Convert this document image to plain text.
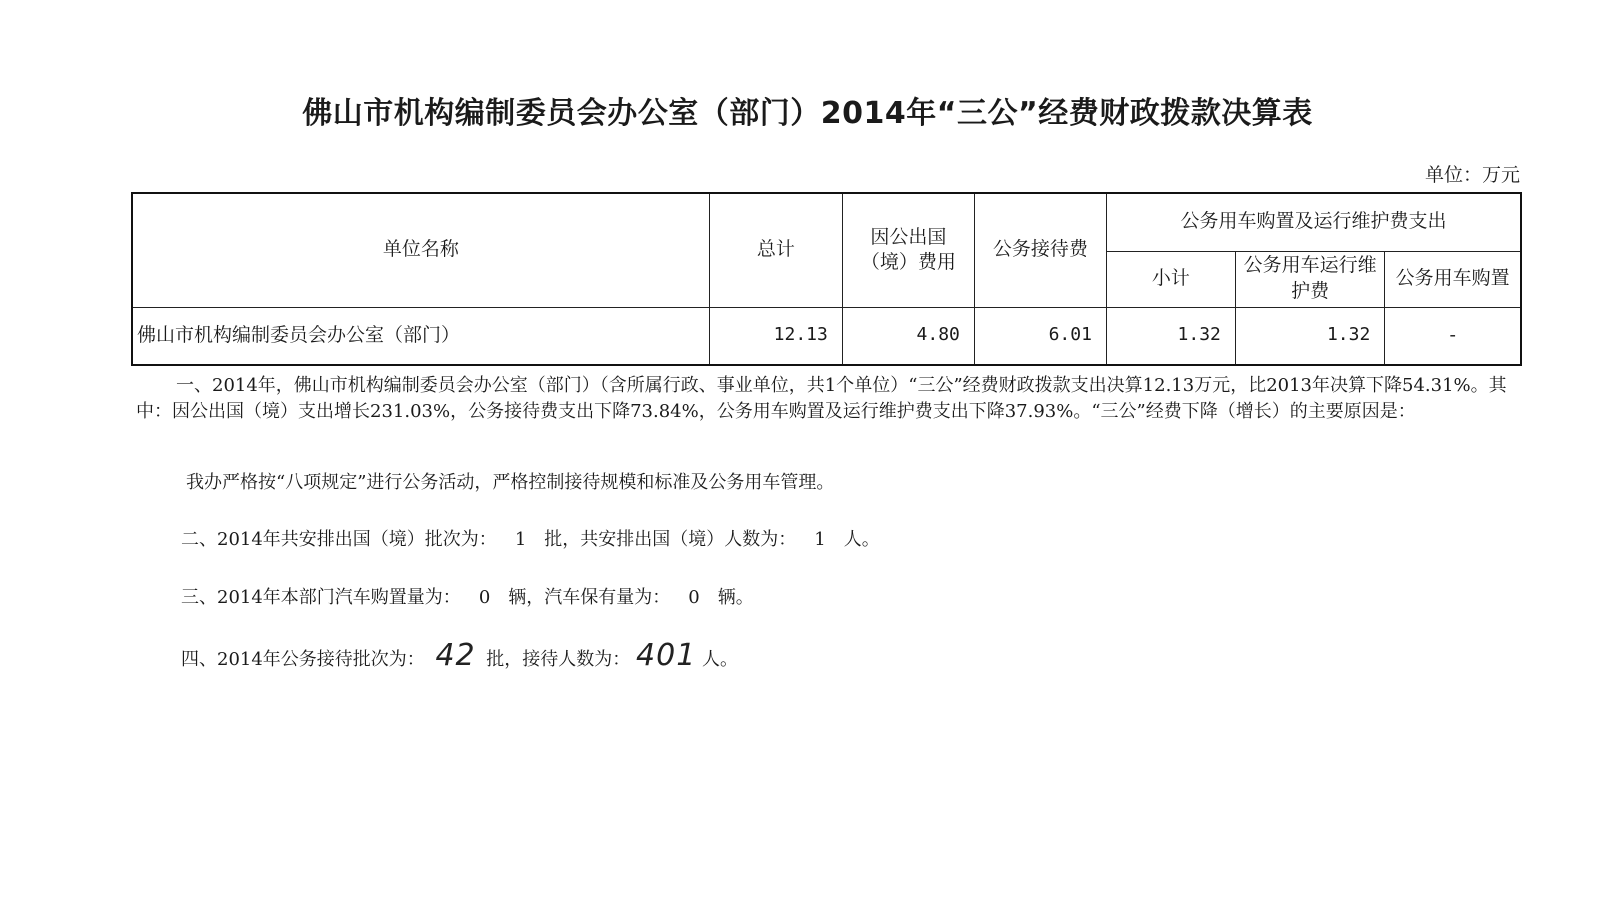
佛山市机构编制委员会办公室（部门）2014年“三公”经费财政拨款决算表
单位：万元
单位名称	总计	因公出国（境）费用	公务接待费	公务用车购置及运行维护费支出		
				小计	公务用车运行维护费	公务用车购置
佛山市机构编制委员会办公室（部门）	12.13	4.80	6.01	1.32	1.32	-
一、2014年，佛山市机构编制委员会办公室（部门）（含所属行政、事业单位，共1个单位）“三公”经费财政拨款支出决算12.13万元，比2013年决算下降54.31%。其中：因公出国（境）支出增长231.03%，公务接待费支出下降73.84%，公务用车购置及运行维护费支出下降37.93%。“三公”经费下降（增长）的主要原因是：
我办严格按“八项规定”进行公务活动，严格控制接待规模和标准及公务用车管理。
二、2014年共安排出国（境）批次为： 1 批，共安排出国（境）人数为： 1 人。
三、2014年本部门汽车购置量为： 0 辆，汽车保有量为： 0 辆。
四、2014年公务接待批次为： 42 批，接待人数为： 401 人。
